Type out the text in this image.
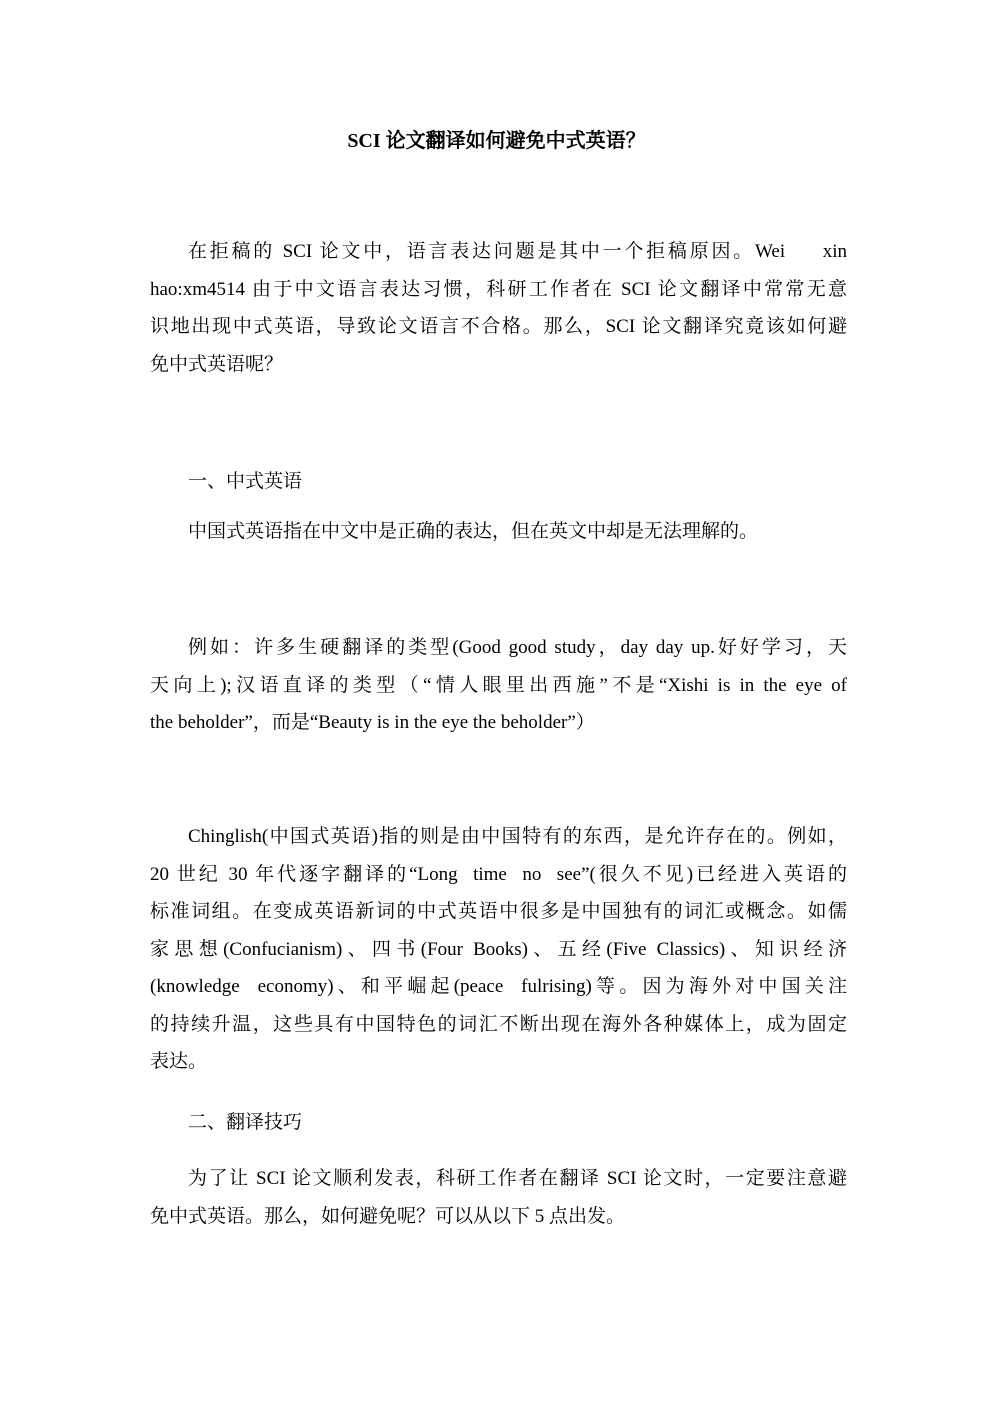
SCI 论文翻译如何避免中式英语？
在拒稿的 SCI 论文中，语言表达问题是其中一个拒稿原因。Wei     xin
hao:xm4514 由于中文语言表达习惯，科研工作者在 SCI 论文翻译中常常无意
识地出现中式英语，导致论文语言不合格。那么，SCI 论文翻译究竟该如何避
免中式英语呢？
一、中式英语
中国式英语指在中文中是正确的表达，但在英文中却是无法理解的。
例如：许多生硬翻译的类型(Good good study，day day up.好好学习，天
天向上);汉语直译的类型（“情人眼里出西施”不是“Xishi is in the eye of
the beholder”，而是“Beauty is in the eye the beholder”）
Chinglish(中国式英语)指的则是由中国特有的东西，是允许存在的。例如，
20 世纪 30 年代逐字翻译的“Long  time  no  see”(很久不见)已经进入英语的
标准词组。在变成英语新词的中式英语中很多是中国独有的词汇或概念。如儒
家思想(Confucianism)、四书(Four Books)、五经(Five Classics)、知识经济
(knowledge  economy)、和平崛起(peace  fulrising)等。因为海外对中国关注
的持续升温，这些具有中国特色的词汇不断出现在海外各种媒体上，成为固定
表达。
二、翻译技巧
为了让 SCI 论文顺利发表，科研工作者在翻译 SCI 论文时，一定要注意避
免中式英语。那么，如何避免呢？可以从以下 5 点出发。
